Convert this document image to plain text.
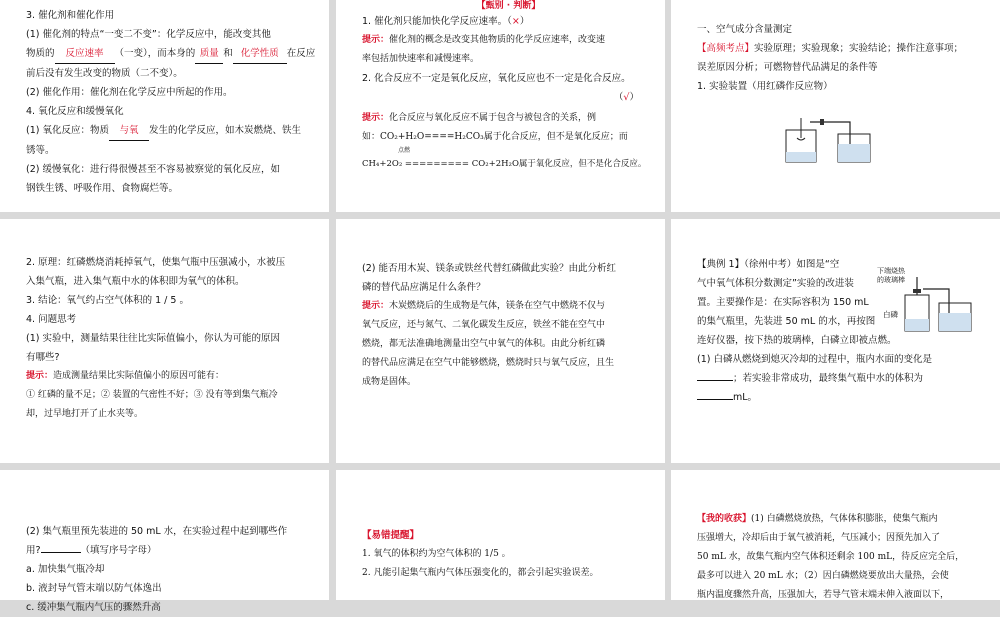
3. 催化剂和催化作用

(1) 催化剂的特点“一变二不变”：化学反应中，能改变其他

物质的 反应速率 （一变），而本身的 质量 和 化学性质 在反应

前后没有发生改变的物质（二不变）。

(2) 催化作用：催化剂在化学反应中所起的作用。

4. 氧化反应和缓慢氧化

(1) 氧化反应：物质 与氧 发生的化学反应，如木炭燃烧、铁生

锈等。

(2) 缓慢氧化：进行得很慢甚至不容易被察觉的氧化反应，如

钢铁生锈、呼吸作用、食物腐烂等。

【甄别 · 判断】

1. 催化剂只能加快化学反应速率。（×）

提示：催化剂的概念是改变其他物质的化学反应速率，改变速

率包括加快速率和减慢速率。

2. 化合反应不一定是氧化反应，氧化反应也不一定是化合反应。

（√）

提示：化合反应与氧化反应不属于包含与被包含的关系，例

如：CO₂+H₂O====H₂CO₃属于化合反应，但不是氧化反应；而

点燃

CH₄+2O₂ ========= CO₂+2H₂O属于氧化反应，但不是化合反应。

一、空气成分含量测定

【高频考点】实验原理；实验现象；实验结论；操作注意事项；

误差原因分析；可燃物替代品满足的条件等

1. 实验装置（用红磷作反应物）

2. 原理：红磷燃烧消耗掉氧气，使集气瓶中压强减小，水被压

入集气瓶，进入集气瓶中水的体积即为氧气的体积。

3. 结论：氧气约占空气体积的 1 / 5 。

4. 问题思考

(1) 实验中，测量结果往往比实际值偏小，你认为可能的原因

有哪些?

提示：造成测量结果比实际值偏小的原因可能有：

① 红磷的量不足；② 装置的气密性不好；③ 没有等到集气瓶冷

却，过早地打开了止水夹等。

(2) 能否用木炭、镁条或铁丝代替红磷做此实验？由此分析红

磷的替代品应满足什么条件？

提示：木炭燃烧后的生成物是气体，镁条在空气中燃烧不仅与

氧气反应，还与氮气、二氧化碳发生反应，铁丝不能在空气中

燃烧，都无法准确地测量出空气中氧气的体积。由此分析红磷

的替代品应满足在空气中能够燃烧，燃烧时只与氧气反应，且生

成物是固体。

【典例 1】（徐州中考）如图是“空

气中氧气体积分数测定”实验的改进装

置。主要操作是：在实际容积为 150 mL

的集气瓶里，先装进 50 mL 的水，再按图

连好仪器，按下热的玻璃棒，白磷立即被点燃。

(1) 白磷从燃烧到熄灭冷却的过程中，瓶内水面的变化是

；若实验非常成功，最终集气瓶中水的体积为

mL。

下端烧热
的玻璃棒
白磷

(2) 集气瓶里预先装进的 50 mL 水，在实验过程中起到哪些作

用?	（填写序号字母）

a. 加快集气瓶冷却

b. 液封导气管末端以防气体逸出

c. 缓冲集气瓶内气压的骤然升高

【易错提醒】

1. 氧气的体积约为空气体积的 1/5 。

2. 凡能引起集气瓶内气体压强变化的，都会引起实验误差。

【我的收获】(1) 白磷燃烧放热，气体体积膨胀，使集气瓶内

压强增大，冷却后由于氧气被消耗，气压减小；因预先加入了

50 mL 水，故集气瓶内空气体积还剩余 100 mL，待反应完全后，

最多可以进入 20 mL 水；（2）因白磷燃烧要放出大量热，会使

瓶内温度骤然升高，压强加大，若导气管末端未伸入液面以下，
